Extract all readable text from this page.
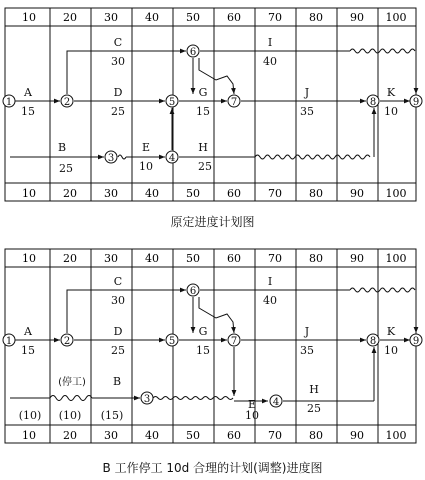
10 20 30 40 50 60 70 80 90 100
10 20 30 40 50 60 70 80 90 100
1	2
3	4
5
6
7	8	9
A
15
C
30
D
25
G
15
I
40
J
35
K
10
B
25
E
10
H
25
10 20 30 40 50 60 70 80 90 100
10 20 30 40 50 60 70 80 90 100
1	2
3	4
5
6
7	8	9
A
15
C
30
D
25
G
15
I
40
J
35
K
10
(停工) B
E
10
H
25
(10) (10) (15)
原定进度计划图
B 工作停工 10d 合理的计划(调整)进度图
